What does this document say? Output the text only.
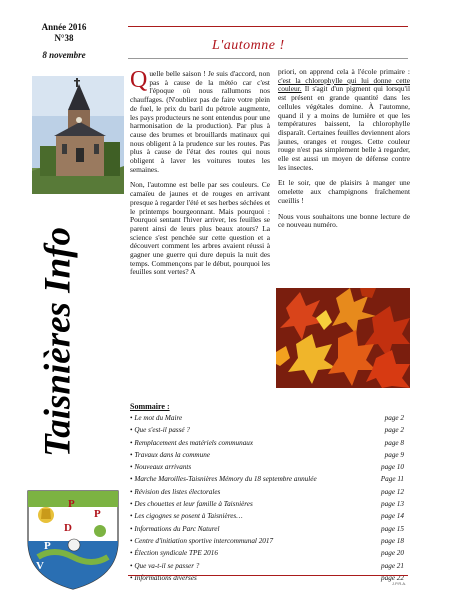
Année 2016
N°38
8 novembre
Taisnières Info
P
P
D
P
V
L'automne !

Quelle belle saison ! Je suis d'accord, non pas à cause de la météo car c'est l'époque où nous rallumons nos chauffages. (N'oubliez pas de faire votre plein de fuel, le prix du baril du pétrole augmente, les pays producteurs ne sont entendus pour une harmonisation de la production). Par plus à cause des brumes et brouillards matinaux qui nous obligent à la prudence sur les routes. Pas plus à cause de l'état des routes qui nous obligent à laver les voitures toutes les semaines.

Non, l'automne est belle par ses couleurs. Ce camaïeu de jaunes et de rouges en arrivant presque à regarder l'été et ses herbes séchées et le printemps bourgeonnant. Mais pourquoi : Pourquoi sentant l'hiver arriver, les feuilles se parent ainsi de leurs plus beaux atours? La science s'est penchée sur cette question et a découvert comment les arbres avaient réussi à gagner une guerre qui dure depuis la nuit des temps. Commençons par le début, pourquoi les feuilles sont vertes? A

priori, on apprend cela à l'école primaire : c'est la chlorophylle qui lui donne cette couleur. Il s'agit d'un pigment qui lorsqu'il est présent en grande quantité dans les cellules végétales domine. À l'automne, quand il y a moins de lumière et que les températures baissent, la chlorophylle disparaît. Certaines feuilles deviennent alors jaunes, oranges et rouges. Cette couleur rouge n'est pas simplement belle à regarder, elle est aussi un moyen de défense contre les insectes.

Et le soir, que de plaisirs à manger une omelette aux champignons fraîchement cueillis !

Nous vous souhaitons une bonne lecture de ce nouveau numéro.

Sommaire :
• Le mot du Maire	page 2
• Que s'est-il passé ?	page 2
• Remplacement des matériels communaux	page 8
• Travaux dans la commune	page 9
• Nouveaux arrivants	page 10
• Marche Maroilles-Taisnières Mémory du 18 septembre annulée	Page 11
• Révision des listes électorales	page 12
• Des chouettes et leur famille à Taisnières	page 13
• Les cigognes se posent à Taisnières…	page 14
• Informations du Parc Naturel	page 15
• Centre d'initiation sportive intercommunal 2017	page 18
• Élection syndicale TPE 2016	page 20
• Que va-t-il se passer ?	page 21
• Informations diverses	page 22
J.P.R.A.
